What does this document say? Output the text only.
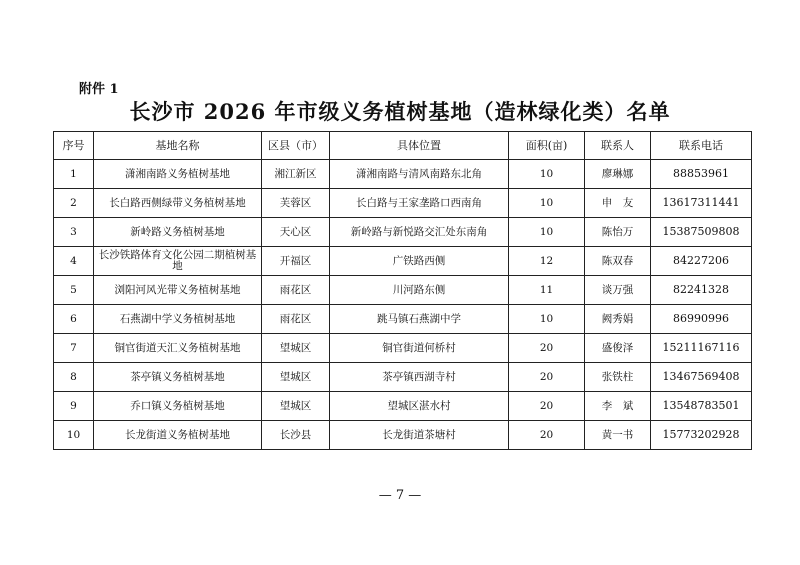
附件 1
长沙市 2026 年市级义务植树基地（造林绿化类）名单
序号	基地名称	区县（市）	具体位置	面积(亩)	联系人	联系电话
1	潇湘南路义务植树基地	湘江新区	潇湘南路与清风南路东北角	10	廖琳娜	88853961
2	长白路西侧绿带义务植树基地	芙蓉区	长白路与王家垄路口西南角	10	申　友	13617311441
3	新岭路义务植树基地	天心区	新岭路与新悦路交汇处东南角	10	陈怡万	15387509808
4	长沙铁路体育文化公园二期植树基地	开福区	广铁路西侧	12	陈双春	84227206
5	浏阳河风光带义务植树基地	雨花区	川河路东侧	11	谈万强	82241328
6	石燕湖中学义务植树基地	雨花区	跳马镇石燕湖中学	10	阙秀娟	86990996
7	铜官街道天汇义务植树基地	望城区	铜官街道何桥村	20	盛俊泽	15211167116
8	茶亭镇义务植树基地	望城区	茶亭镇西湖寺村	20	张铁柱	13467569408
9	乔口镇义务植树基地	望城区	望城区湛水村	20	李　斌	13548783501
10	长龙街道义务植树基地	长沙县	长龙街道茶塘村	20	黄一书	15773202928
— 7 —
